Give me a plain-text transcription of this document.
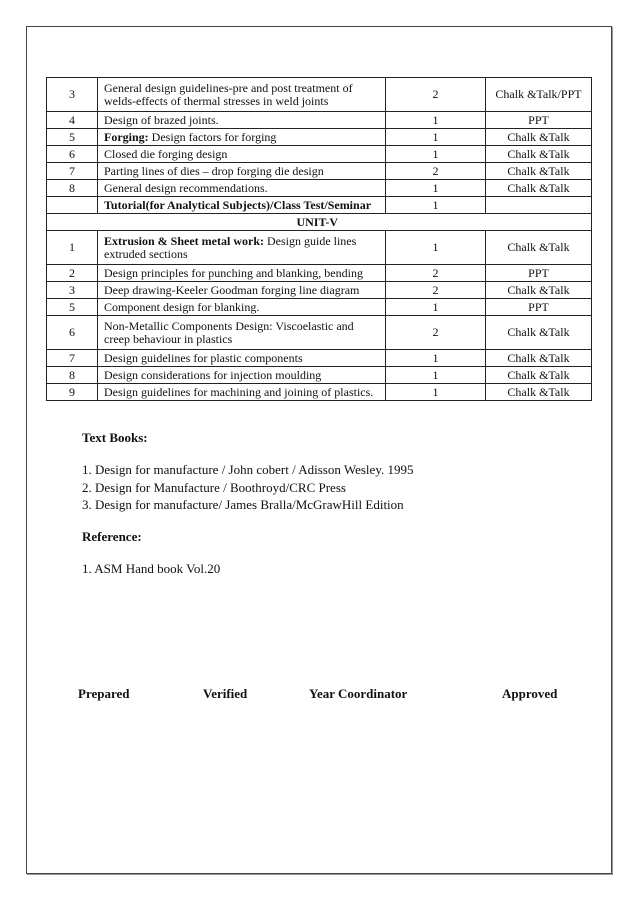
3	General design guidelines-pre and post treatment of welds-effects of thermal stresses in weld joints	2	Chalk &Talk/PPT
4	Design of brazed joints.	1	PPT
5	Forging: Design factors for forging	1	Chalk &Talk
6	Closed die forging design	1	Chalk &Talk
7	Parting lines of dies – drop forging die design	2	Chalk &Talk
8	General design recommendations.	1	Chalk &Talk
	Tutorial(for Analytical Subjects)/Class Test/Seminar	1	
	UNIT-V		
1	Extrusion & Sheet metal work: Design guide lines extruded sections	1	Chalk &Talk
2	Design principles for punching and blanking, bending	2	PPT
3	Deep drawing-Keeler Goodman forging line diagram	2	Chalk &Talk
5	Component design for blanking.	1	PPT
6	Non-Metallic Components Design: Viscoelastic and creep behaviour in plastics	2	Chalk &Talk
7	Design guidelines for plastic components	1	Chalk &Talk
8	Design considerations for injection moulding	1	Chalk &Talk
9	Design guidelines for machining and joining of plastics.	1	Chalk &Talk
Text Books:
1. Design for manufacture / John cobert / Adisson Wesley. 1995
2. Design for Manufacture / Boothroyd/CRC Press
3. Design for manufacture/ James Bralla/McGrawHill Edition
Reference:
1. ASM Hand book Vol.20
Prepared	Verified	Year Coordinator	Approved
